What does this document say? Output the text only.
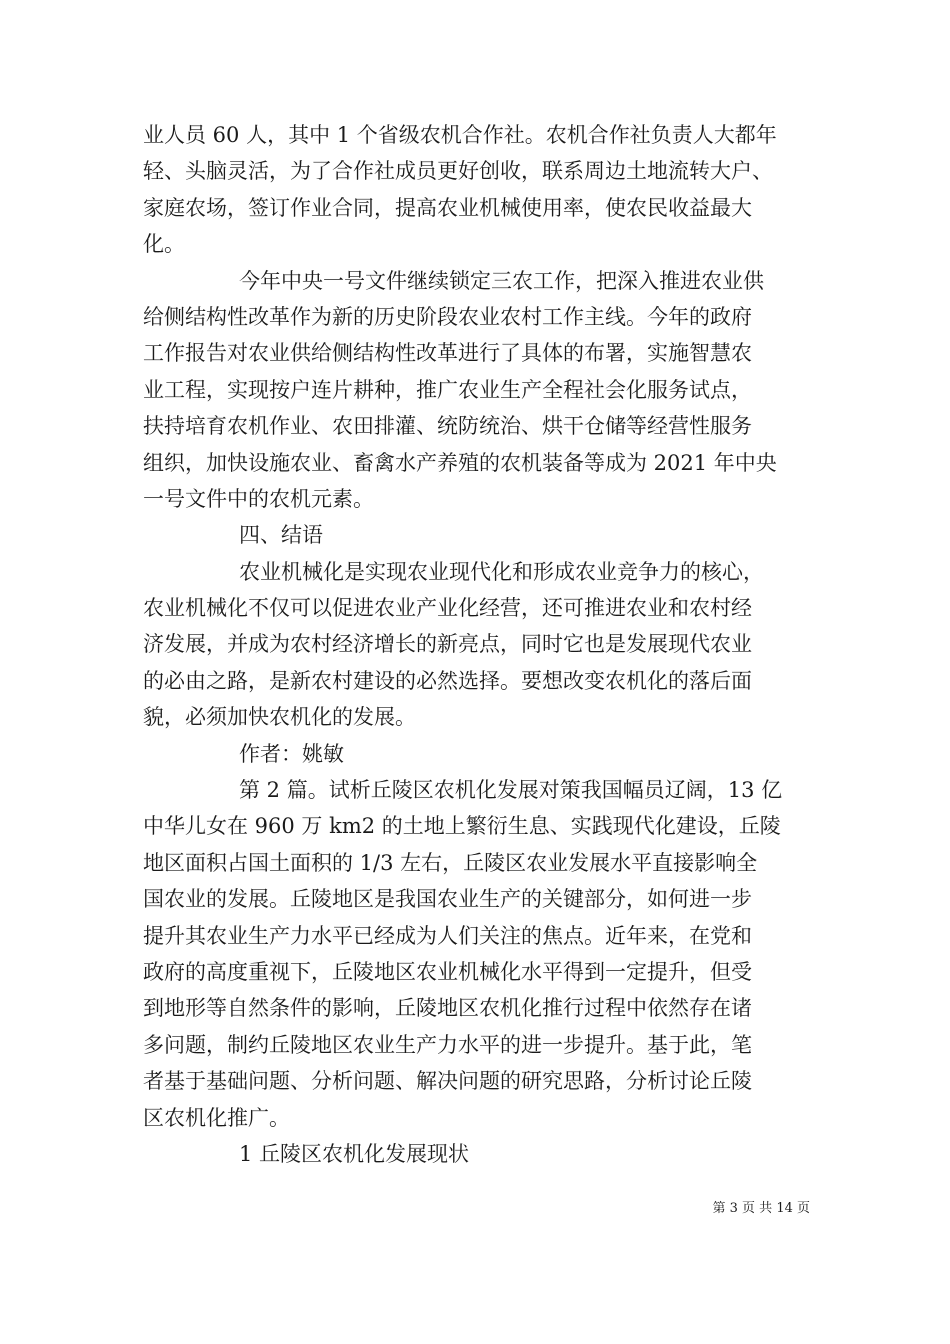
业人员 60 人，其中 1 个省级农机合作社。农机合作社负责人大都年
轻、头脑灵活，为了合作社成员更好创收，联系周边土地流转大户、
家庭农场，签订作业合同，提高农业机械使用率，使农民收益最大
化。
今年中央一号文件继续锁定三农工作，把深入推进农业供
给侧结构性改革作为新的历史阶段农业农村工作主线。今年的政府
工作报告对农业供给侧结构性改革进行了具体的布署，实施智慧农
业工程，实现按户连片耕种，推广农业生产全程社会化服务试点，
扶持培育农机作业、农田排灌、统防统治、烘干仓储等经营性服务
组织，加快设施农业、畜禽水产养殖的农机装备等成为 2021 年中央
一号文件中的农机元素。
四、结语
农业机械化是实现农业现代化和形成农业竞争力的核心，
农业机械化不仅可以促进农业产业化经营，还可推进农业和农村经
济发展，并成为农村经济增长的新亮点，同时它也是发展现代农业
的必由之路，是新农村建设的必然选择。要想改变农机化的落后面
貌，必须加快农机化的发展。
作者：姚敏
第 2 篇。试析丘陵区农机化发展对策我国幅员辽阔，13 亿
中华儿女在 960 万 km2 的土地上繁衍生息、实践现代化建设，丘陵
地区面积占国土面积的 1/3 左右，丘陵区农业发展水平直接影响全
国农业的发展。丘陵地区是我国农业生产的关键部分，如何进一步
提升其农业生产力水平已经成为人们关注的焦点。近年来，在党和
政府的高度重视下，丘陵地区农业机械化水平得到一定提升，但受
到地形等自然条件的影响，丘陵地区农机化推行过程中依然存在诸
多问题，制约丘陵地区农业生产力水平的进一步提升。基于此，笔
者基于基础问题、分析问题、解决问题的研究思路，分析讨论丘陵
区农机化推广。
1 丘陵区农机化发展现状
第 3 页 共 14 页
